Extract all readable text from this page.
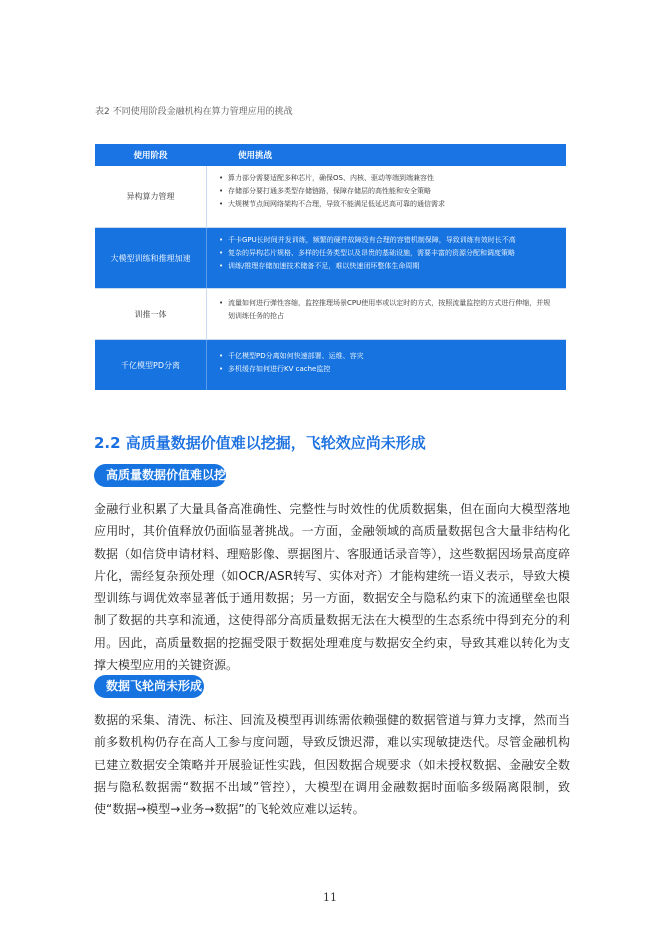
表2 不同使用阶段金融机构在算力管理应用的挑战
使用阶段	使用挑战
异构算力管理
• 算力部分需要适配多种芯片，确保OS、内核、驱动等端到端兼容性
• 存储部分要打通多类型存储链路，保障存储层的高性能和安全策略
• 大规模节点间网络架构不合理，导致不能满足低延迟高可靠的通信需求
大模型训练和推理加速
• 千卡GPU长时间并发训练，频繁的硬件故障没有合理的容错机制保障，导致训练有效时长不高
• 复杂的异构芯片规格、多样的任务类型以及昂贵的基础设施，需要丰富的资源分配和调度策略
• 训练/推理存储加速技术储备不足，难以快速闭环整体生命周期
训推一体
• 流量如何进行弹性容缩，监控推理场景CPU使用率或以定时的方式，按照流量监控的方式进行伸缩，并规划训练任务的抢占
千亿模型PD分离
• 千亿模型PD分离如何快速部署、运维、容灾
• 多机缓存如何进行KV cache监控
2.2 高质量数据价值难以挖掘，飞轮效应尚未形成
高质量数据价值难以挖掘
金融行业积累了大量具备高准确性、完整性与时效性的优质数据集，但在面向大模型落地应用时，其价值释放仍面临显著挑战。一方面，金融领域的高质量数据包含大量非结构化数据（如信贷申请材料、理赔影像、票据图片、客服通话录音等），这些数据因场景高度碎片化，需经复杂预处理（如OCR/ASR转写、实体对齐）才能构建统一语义表示，导致大模型训练与调优效率显著低于通用数据；另一方面，数据安全与隐私约束下的流通壁垒也限制了数据的共享和流通，这使得部分高质量数据无法在大模型的生态系统中得到充分的利用。因此，高质量数据的挖掘受限于数据处理难度与数据安全约束，导致其难以转化为支撑大模型应用的关键资源。
数据飞轮尚未形成
数据的采集、清洗、标注、回流及模型再训练需依赖强健的数据管道与算力支撑，然而当前多数机构仍存在高人工参与度问题，导致反馈迟滞，难以实现敏捷迭代。尽管金融机构已建立数据安全策略并开展验证性实践，但因数据合规要求（如未授权数据、金融安全数据与隐私数据需“数据不出域”管控），大模型在调用金融数据时面临多级隔离限制，致使“数据→模型→业务→数据”的飞轮效应难以运转。
11
